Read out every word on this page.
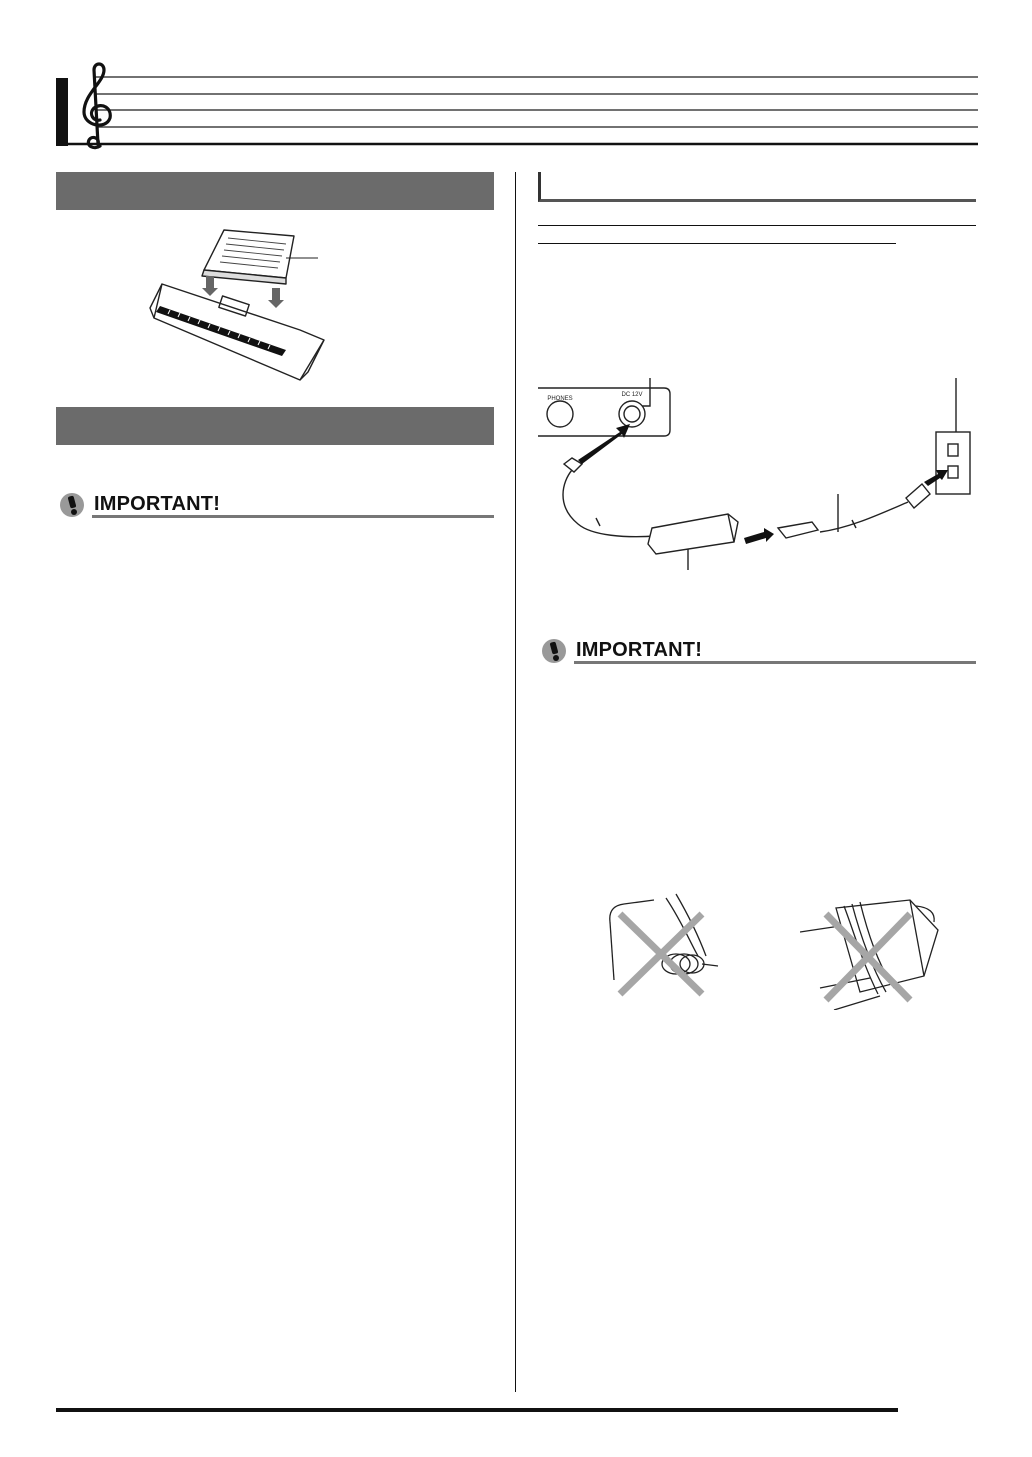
IMPORTANT!
PHONES
DC 12V
IMPORTANT!
